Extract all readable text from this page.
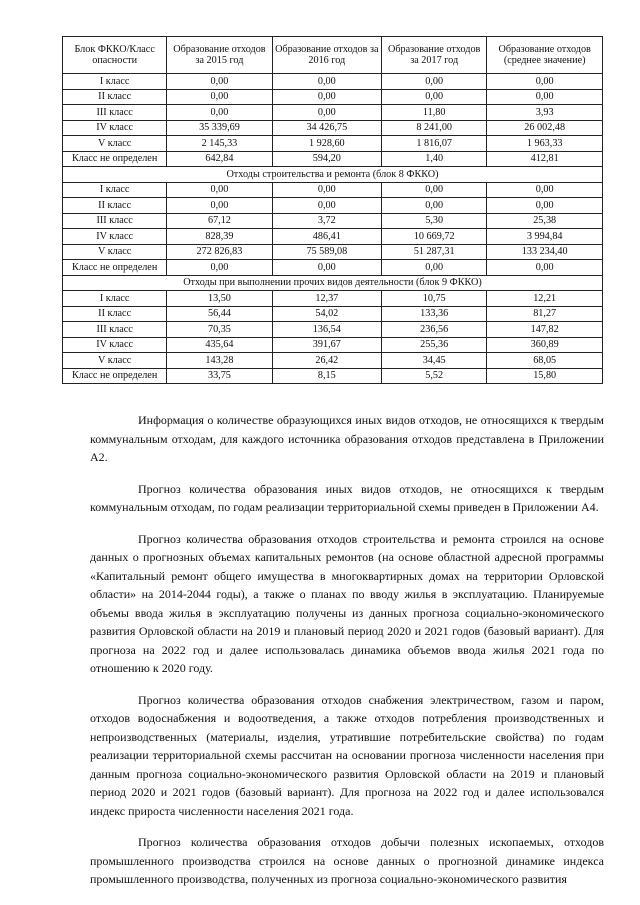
Блок ФККО/Класс опасности	Образование отходов за 2015 год	Образование отходов за 2016 год	Образование отходов за 2017 год	Образование отходов (среднее значение)
I класс	0,00	0,00	0,00	0,00
II класс	0,00	0,00	0,00	0,00
III класс	0,00	0,00	11,80	3,93
IV класс	35 339,69	34 426,75	8 241,00	26 002,48
V класс	2 145,33	1 928,60	1 816,07	1 963,33
Класс не определен	642,84	594,20	1,40	412,81
Отходы строительства и ремонта (блок 8 ФККО)				
I класс	0,00	0,00	0,00	0,00
II класс	0,00	0,00	0,00	0,00
III класс	67,12	3,72	5,30	25,38
IV класс	828,39	486,41	10 669,72	3 994,84
V класс	272 826,83	75 589,08	51 287,31	133 234,40
Класс не определен	0,00	0,00	0,00	0,00
Отходы при выполнении прочих видов деятельности (блок 9 ФККО)				
I класс	13,50	12,37	10,75	12,21
II класс	56,44	54,02	133,36	81,27
III класс	70,35	136,54	236,56	147,82
IV класс	435,64	391,67	255,36	360,89
V класс	143,28	26,42	34,45	68,05
Класс не определен	33,75	8,15	5,52	15,80

Информация о количестве образующихся иных видов отходов, не относящихся к твердым коммунальным отходам, для каждого источника образования отходов представлена в Приложении А2.

Прогноз количества образования иных видов отходов, не относящихся к твердым коммунальным отходам, по годам реализации территориальной схемы приведен в Приложении А4.

Прогноз количества образования отходов строительства и ремонта строился на основе данных о прогнозных объемах капитальных ремонтов (на основе областной адресной программы «Капитальный ремонт общего имущества в многоквартирных домах на территории Орловской области» на 2014-2044 годы), а также о планах по вводу жилья в эксплуатацию. Планируемые объемы ввода жилья в эксплуатацию получены из данных прогноза социально-экономического развития Орловской области на 2019 и плановый период 2020 и 2021 годов (базовый вариант). Для прогноза на 2022 год и далее использовалась динамика объемов ввода жилья 2021 года по отношению к 2020 году.

Прогноз количества образования отходов снабжения электричеством, газом и паром, отходов водоснабжения и водоотведения, а также отходов потребления производственных и непроизводственных (материалы, изделия, утратившие потребительские свойства) по годам реализации территориальной схемы рассчитан на основании прогноза численности населения при данным прогноза социально-экономического развития Орловской области на 2019 и плановый период 2020 и 2021 годов (базовый вариант). Для прогноза на 2022 год и далее использовался индекс прироста численности населения 2021 года.

Прогноз количества образования отходов добычи полезных ископаемых, отходов промышленного производства строился на основе данных о прогнозной динамике индекса промышленного производства, полученных из прогноза социально-экономического развития
